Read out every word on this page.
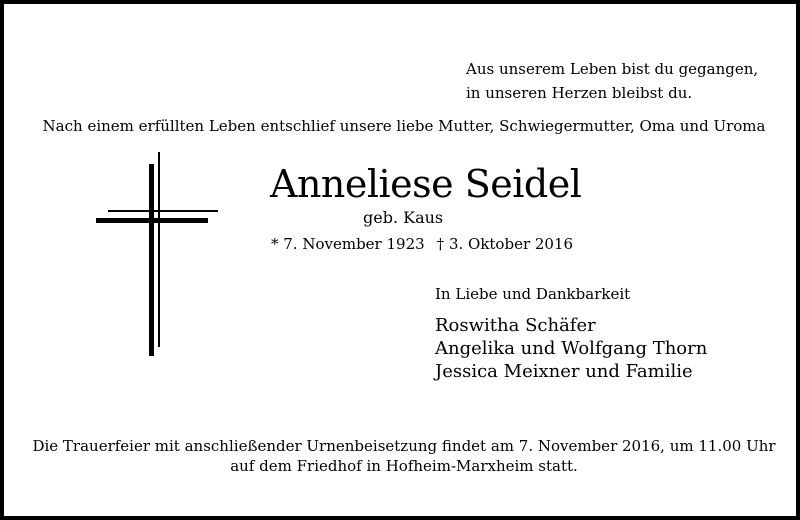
Aus unserem Leben bist du gegangen,
in unseren Herzen bleibst du.
Nach einem erfüllten Leben entschlief unsere liebe Mutter, Schwiegermutter, Oma und Uroma
Anneliese Seidel
geb. Kaus
* 7. November 1923 † 3. Oktober 2016
In Liebe und Dankbarkeit
Roswitha Schäfer
Angelika und Wolfgang Thorn
Jessica Meixner und Familie
Die Trauerfeier mit anschließender Urnenbeisetzung findet am 7. November 2016, um 11.00 Uhr
auf dem Friedhof in Hofheim-Marxheim statt.
